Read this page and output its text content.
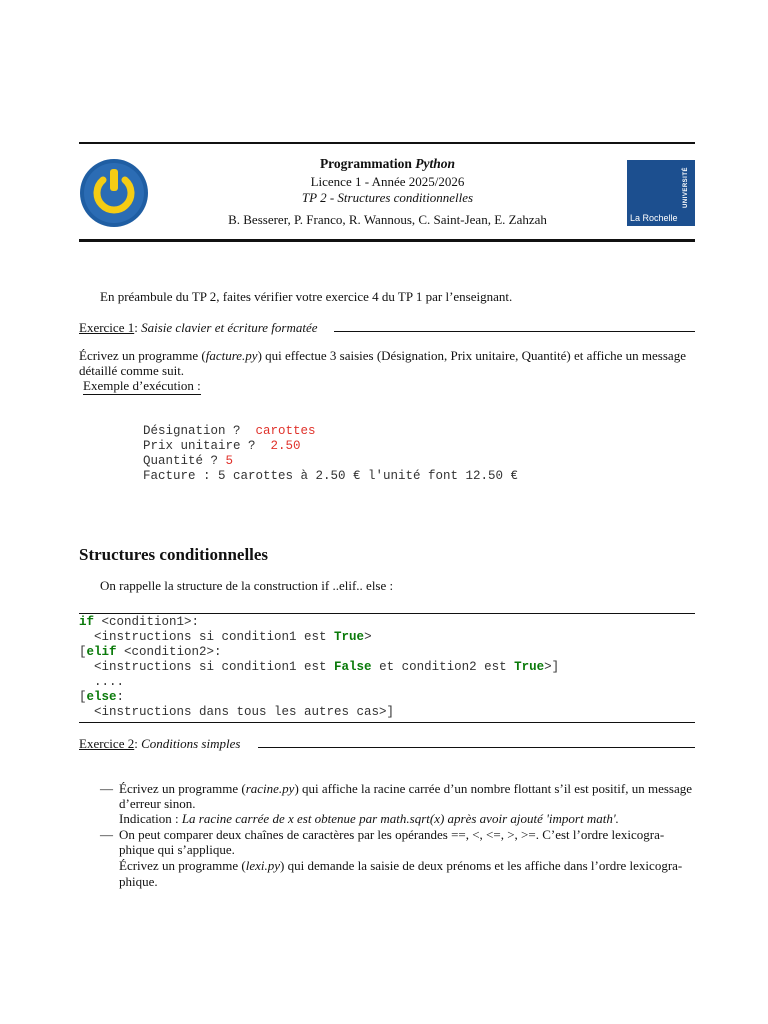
UNIVERSITÉ
La Rochelle
Programmation Python
Licence 1 - Année 2025/2026
TP 2 - Structures conditionnelles
B. Besserer, P. Franco, R. Wannous, C. Saint-Jean, E. Zahzah
En préambule du TP 2, faites vérifier votre exercice 4 du TP 1 par l’enseignant.
Exercice 1: Saisie clavier et écriture formatée
Écrivez un programme (facture.py) qui effectue 3 saisies (Désignation, Prix unitaire, Quantité) et affiche un message
détaillé comme suit.
Exemple d’exécution :
Désignation ?  carottes
Prix unitaire ?  2.50
Quantité ? 5
Facture : 5 carottes à 2.50 € l'unité font 12.50 €
Structures conditionnelles
On rappelle la structure de la construction if ..elif.. else :
if <condition1>:
<instructions si condition1 est True>
[elif <condition2>:
<instructions si condition1 est False et condition2 est True>]
....
[else:
<instructions dans tous les autres cas>]
Exercice 2: Conditions simples
— Écrivez un programme (racine.py) qui affiche la racine carrée d’un nombre flottant s’il est positif, un message
d’erreur sinon.
Indication : La racine carrée de x est obtenue par math.sqrt(x) après avoir ajouté 'import math'.
— On peut comparer deux chaînes de caractères par les opérandes ==, <, <=, >, >=. C’est l’ordre lexicogra-
phique qui s’applique.
Écrivez un programme (lexi.py) qui demande la saisie de deux prénoms et les affiche dans l’ordre lexicogra-
phique.
